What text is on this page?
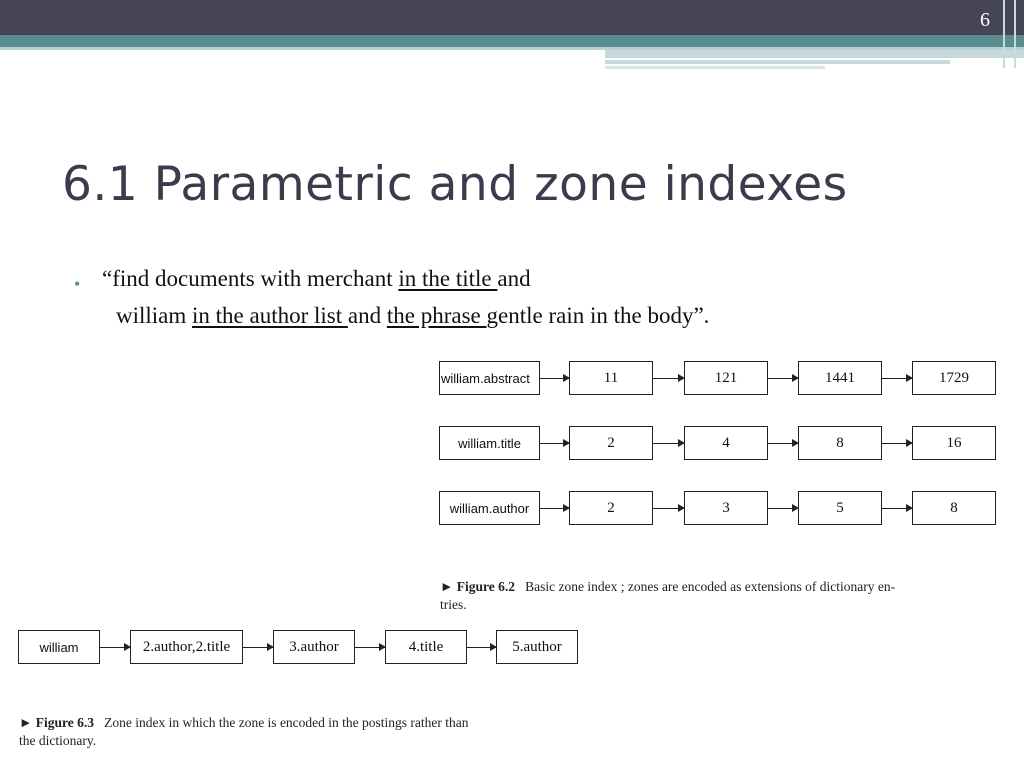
6
6.1 Parametric and zone indexes
• “find documents with merchant in the title and
william in the author list and the phrase gentle rain in the body”.
william.abstract	11	121	1441	1729
william.title	2	4	8	16
william.author	2	3	5	8
► Figure 6.2 Basic zone index ; zones are encoded as extensions of dictionary en-
tries.
william	2.author,2.title	3.author	4.title	5.author
► Figure 6.3 Zone index in which the zone is encoded in the postings rather than
the dictionary.
